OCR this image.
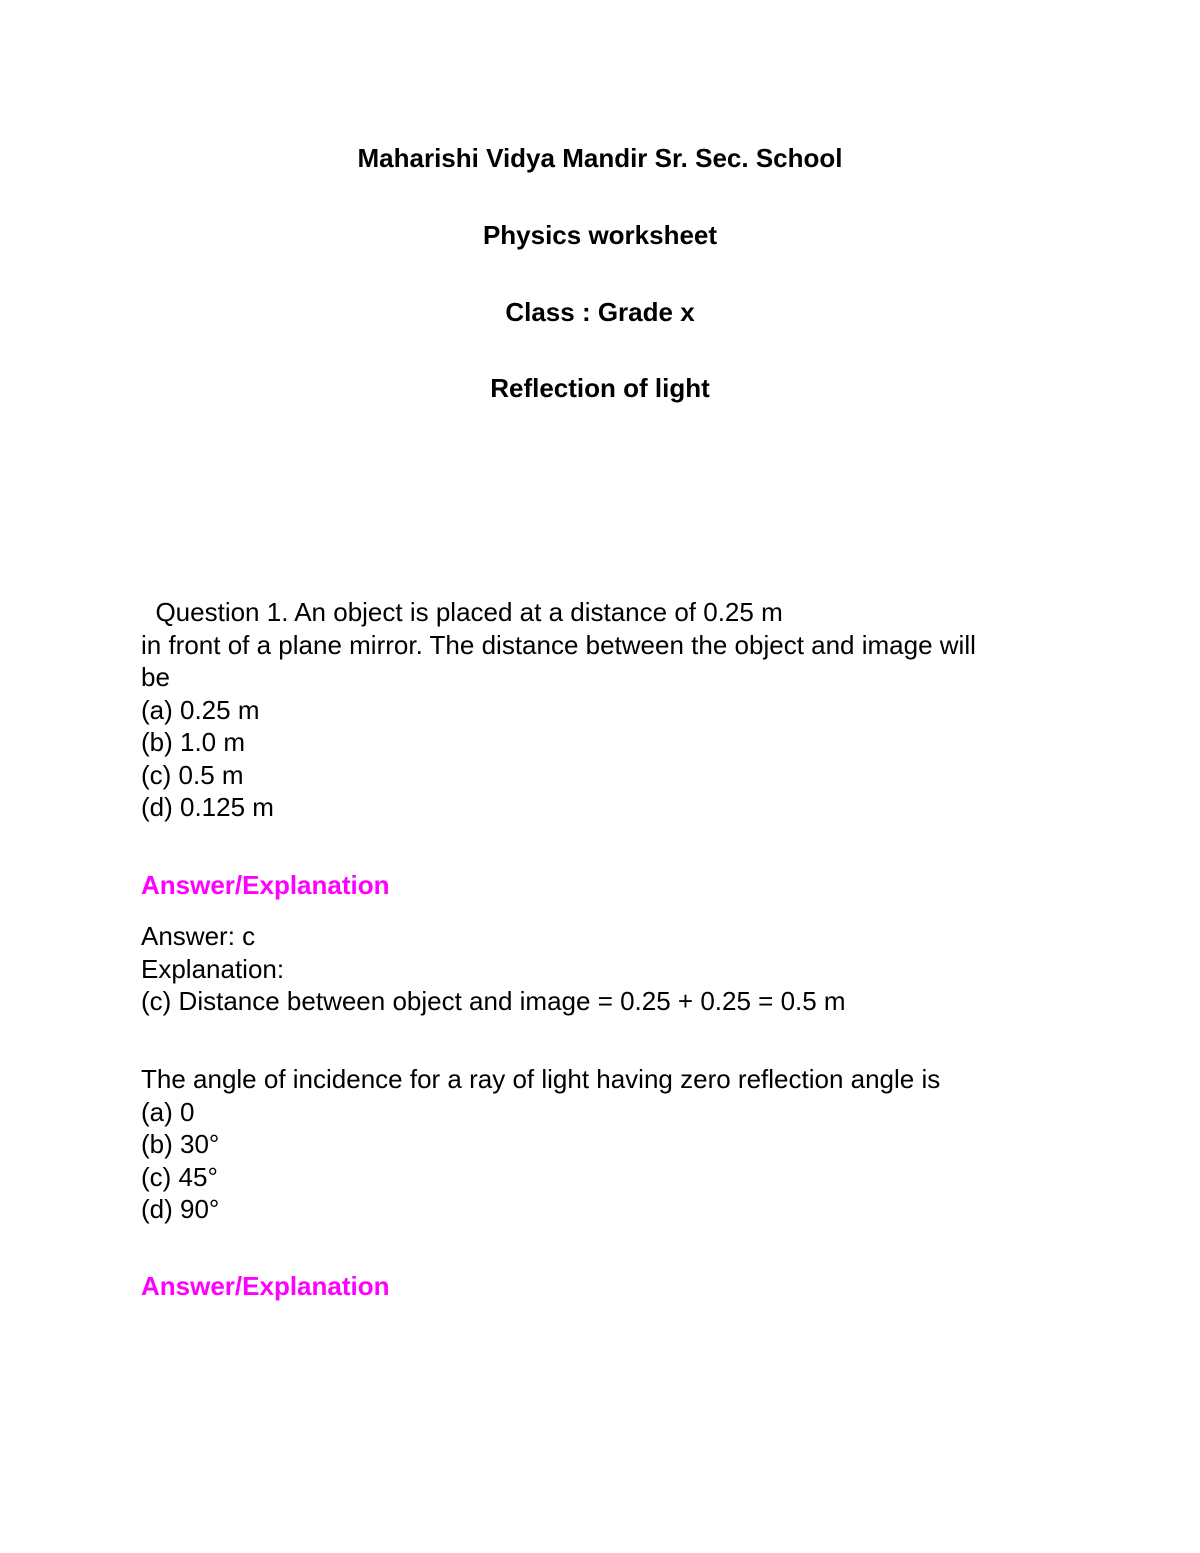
Maharishi Vidya Mandir Sr. Sec. School
Physics worksheet
Class : Grade x
Reflection of light
Question 1. An object is placed at a distance of 0.25 m
in front of a plane mirror. The distance between the object and image will
be
(a) 0.25 m
(b) 1.0 m
(c) 0.5 m
(d) 0.125 m
Answer/Explanation
Answer: c
Explanation:
(c) Distance between object and image = 0.25 + 0.25 = 0.5 m
The angle of incidence for a ray of light having zero reflection angle is
(a) 0
(b) 30°
(c) 45°
(d) 90°
Answer/Explanation
